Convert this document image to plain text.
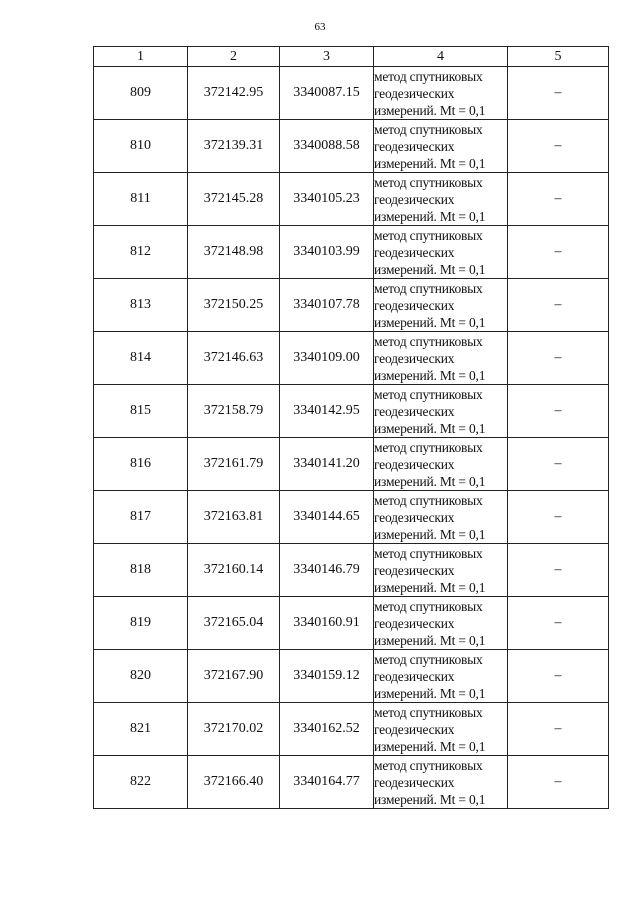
63
1	2	3	4	5
809	372142.95	3340087.15	метод спутниковых
геодезических
измерений. Mt = 0,1	–
810	372139.31	3340088.58	метод спутниковых
геодезических
измерений. Mt = 0,1	–
811	372145.28	3340105.23	метод спутниковых
геодезических
измерений. Mt = 0,1	–
812	372148.98	3340103.99	метод спутниковых
геодезических
измерений. Mt = 0,1	–
813	372150.25	3340107.78	метод спутниковых
геодезических
измерений. Mt = 0,1	–
814	372146.63	3340109.00	метод спутниковых
геодезических
измерений. Mt = 0,1	–
815	372158.79	3340142.95	метод спутниковых
геодезических
измерений. Mt = 0,1	–
816	372161.79	3340141.20	метод спутниковых
геодезических
измерений. Mt = 0,1	–
817	372163.81	3340144.65	метод спутниковых
геодезических
измерений. Mt = 0,1	–
818	372160.14	3340146.79	метод спутниковых
геодезических
измерений. Mt = 0,1	–
819	372165.04	3340160.91	метод спутниковых
геодезических
измерений. Mt = 0,1	–
820	372167.90	3340159.12	метод спутниковых
геодезических
измерений. Mt = 0,1	–
821	372170.02	3340162.52	метод спутниковых
геодезических
измерений. Mt = 0,1	–
822	372166.40	3340164.77	метод спутниковых
геодезических
измерений. Mt = 0,1	–
